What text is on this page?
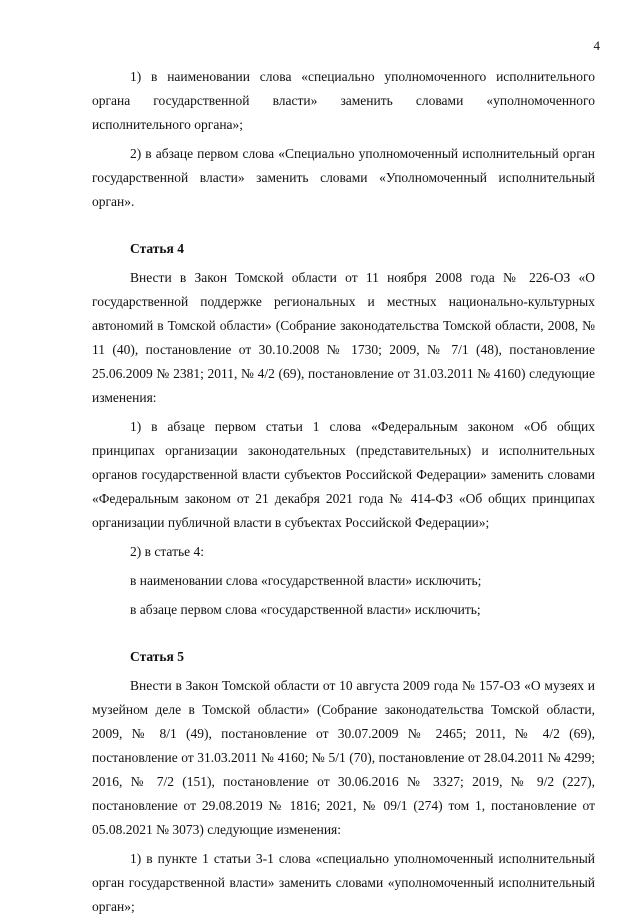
4

1) в наименовании слова «специально уполномоченного исполнительного органа государственной власти» заменить словами «уполномоченного исполнительного органа»;

2) в абзаце первом слова «Специально уполномоченный исполнительный орган государственной власти» заменить словами «Уполномоченный исполнительный орган».

Статья 4

Внести в Закон Томской области от 11 ноября 2008 года № 226-ОЗ «О государственной поддержке региональных и местных национально-культурных автономий в Томской области» (Собрание законодательства Томской области, 2008, № 11 (40), постановление от 30.10.2008 № 1730; 2009, № 7/1 (48), постановление 25.06.2009 № 2381; 2011, № 4/2 (69), постановление от 31.03.2011 № 4160) следующие изменения:

1) в абзаце первом статьи 1 слова «Федеральным законом «Об общих принципах организации законодательных (представительных) и исполнительных органов государственной власти субъектов Российской Федерации» заменить словами «Федеральным законом от 21 декабря 2021 года № 414-ФЗ «Об общих принципах организации публичной власти в субъектах Российской Федерации»;

2) в статье 4:

в наименовании слова «государственной власти» исключить;

в абзаце первом слова «государственной власти» исключить;

Статья 5

Внести в Закон Томской области от 10 августа 2009 года № 157-ОЗ «О музеях и музейном деле в Томской области» (Собрание законодательства Томской области, 2009, № 8/1 (49), постановление от 30.07.2009 № 2465; 2011, № 4/2 (69), постановление от 31.03.2011 № 4160; № 5/1 (70), постановление от 28.04.2011 № 4299; 2016, № 7/2 (151), постановление от 30.06.2016 № 3327; 2019, № 9/2 (227), постановление от 29.08.2019 № 1816; 2021, № 09/1 (274) том 1, постановление от 05.08.2021 № 3073) следующие изменения:

1) в пункте 1 статьи 3-1 слова «специально уполномоченный исполнительный орган государственной власти» заменить словами «уполномоченный исполнительный орган»;
